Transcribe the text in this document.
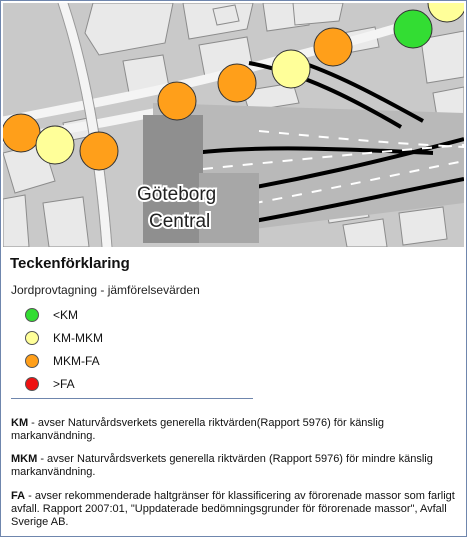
Göteborg
Central
Teckenförklaring
Jordprovtagning - jämförelsevärden
<KM
KM-MKM
MKM-FA
>FA
KM - avser Naturvårdsverkets generella riktvärden(Rapport 5976) för känslig markanvändning.
MKM - avser Naturvårdsverkets generella riktvärden (Rapport 5976) för mindre känslig markanvändning.
FA - avser rekommenderade haltgränser för klassificering av förorenade massor som farligt avfall. Rapport 2007:01, "Uppdaterade bedömningsgrunder för förorenade massor", Avfall Sverige AB.
